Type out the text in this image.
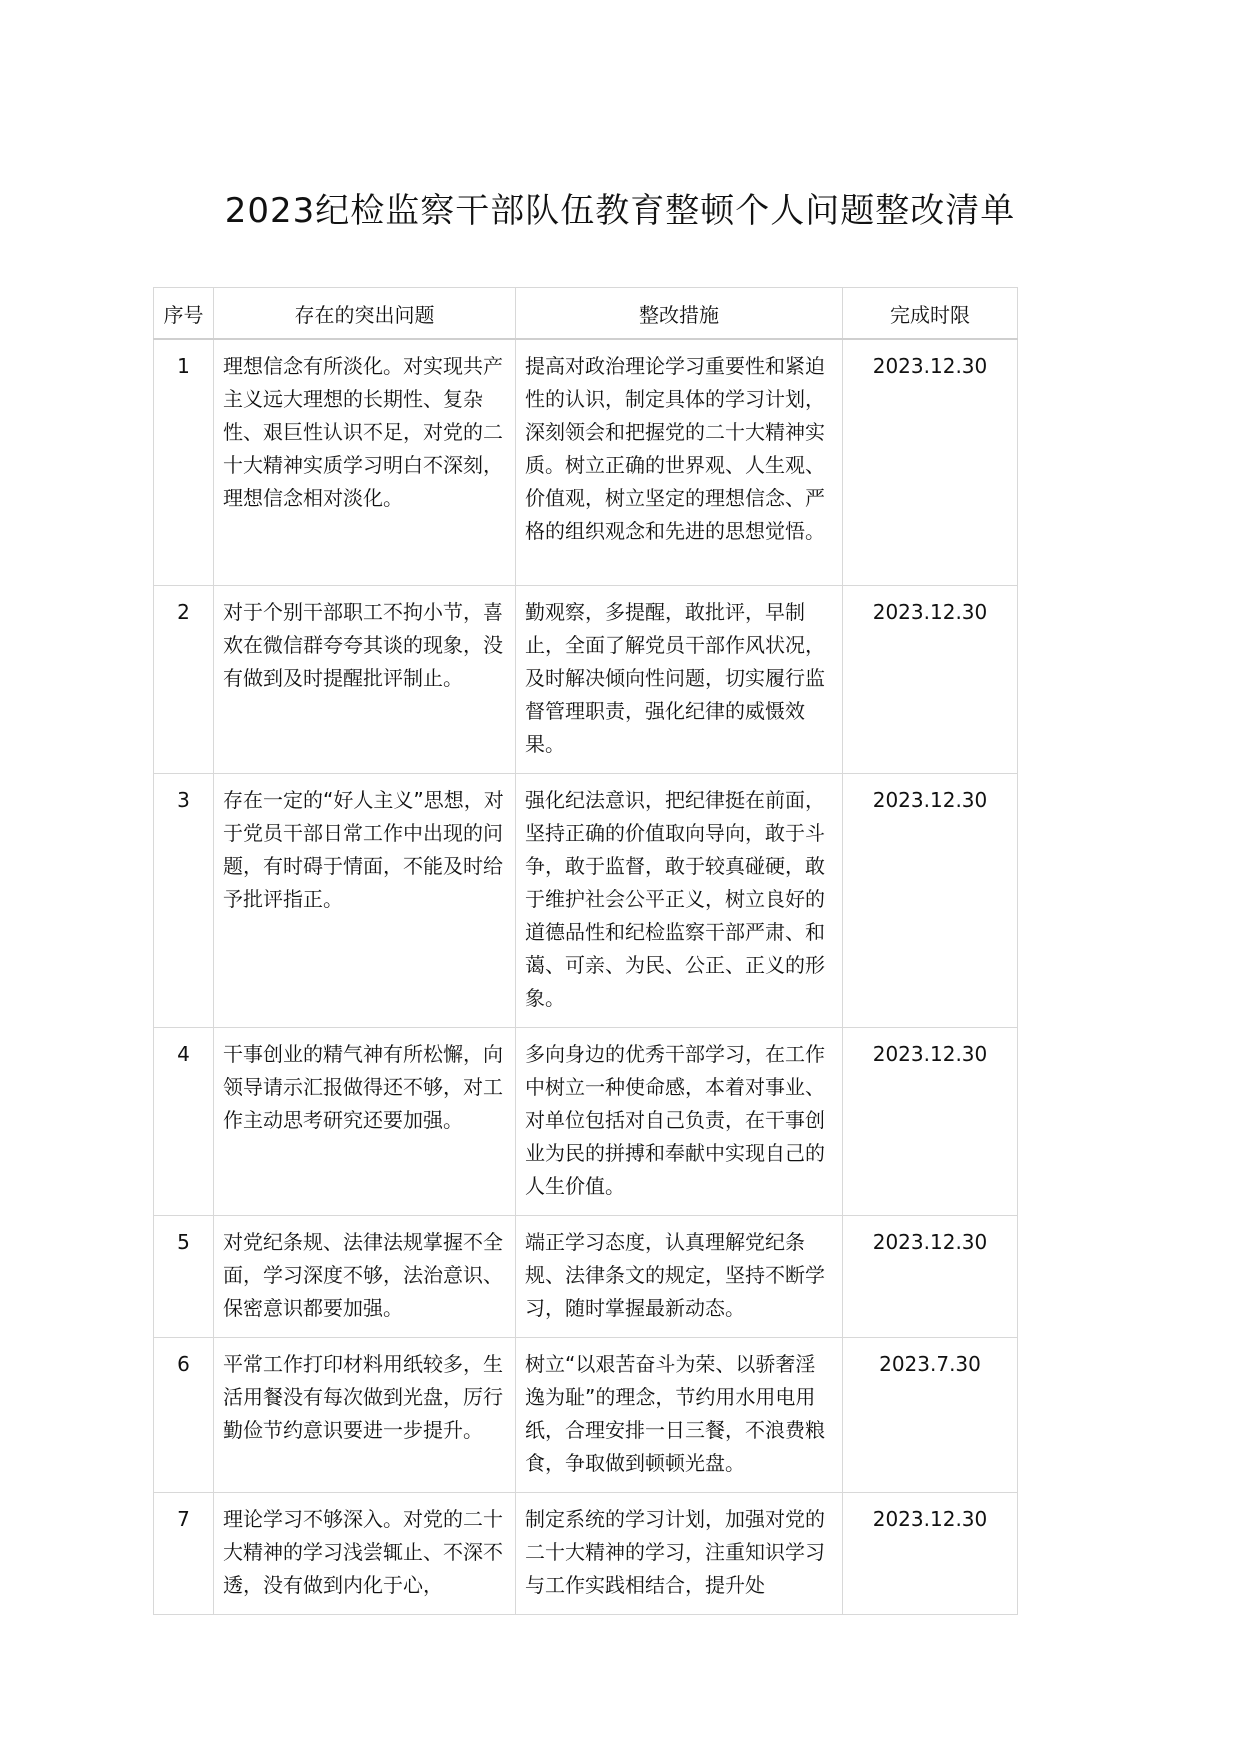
2023纪检监察干部队伍教育整顿个人问题整改清单
序号	存在的突出问题	整改措施	完成时限
1	理想信念有所淡化。对实现共产主义远大理想的长期性、复杂性、艰巨性认识不足，对党的二十大精神实质学习明白不深刻，理想信念相对淡化。	提高对政治理论学习重要性和紧迫性的认识，制定具体的学习计划，深刻领会和把握党的二十大精神实质。树立正确的世界观、人生观、价值观，树立坚定的理想信念、严格的组织观念和先进的思想觉悟。	2023.12.30
2	对于个别干部职工不拘小节，喜欢在微信群夸夸其谈的现象，没有做到及时提醒批评制止。	勤观察，多提醒，敢批评，早制止，全面了解党员干部作风状况，及时解决倾向性问题，切实履行监督管理职责，强化纪律的威慑效果。	2023.12.30
3	存在一定的“好人主义”思想，对于党员干部日常工作中出现的问题，有时碍于情面，不能及时给予批评指正。	强化纪法意识，把纪律挺在前面，坚持正确的价值取向导向，敢于斗争，敢于监督，敢于较真碰硬，敢于维护社会公平正义，树立良好的道德品性和纪检监察干部严肃、和蔼、可亲、为民、公正、正义的形象。	2023.12.30
4	干事创业的精气神有所松懈，向领导请示汇报做得还不够，对工作主动思考研究还要加强。	多向身边的优秀干部学习，在工作中树立一种使命感，本着对事业、对单位包括对自己负责，在干事创业为民的拼搏和奉献中实现自己的人生价值。	2023.12.30
5	对党纪条规、法律法规掌握不全面，学习深度不够，法治意识、保密意识都要加强。	端正学习态度，认真理解党纪条规、法律条文的规定，坚持不断学习，随时掌握最新动态。	2023.12.30
6	平常工作打印材料用纸较多，生活用餐没有每次做到光盘，厉行勤俭节约意识要进一步提升。	树立“以艰苦奋斗为荣、以骄奢淫逸为耻”的理念，节约用水用电用纸，合理安排一日三餐，不浪费粮食，争取做到顿顿光盘。	2023.7.30
7	理论学习不够深入。对党的二十大精神的学习浅尝辄止、不深不透，没有做到内化于心，	制定系统的学习计划，加强对党的二十大精神的学习，注重知识学习与工作实践相结合，提升处	2023.12.30
